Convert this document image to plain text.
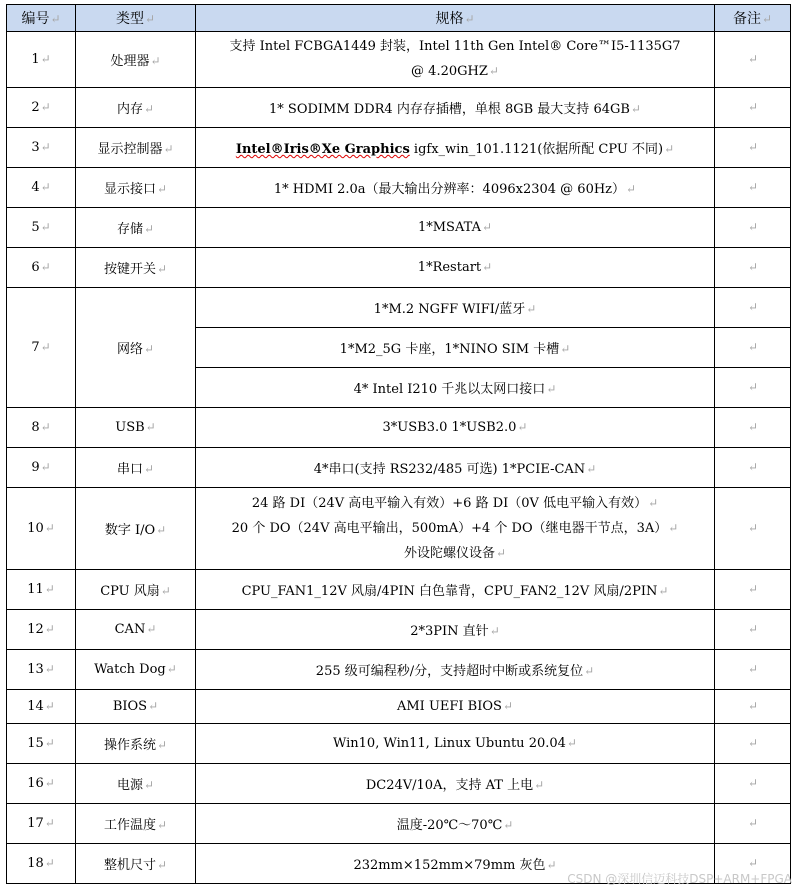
编号↵	类型↵	规格↵	备注↵
1↵	处理器↵	支持 Intel FCBGA1449 封装，Intel 11th Gen Intel® Core™I5-1135G7
@ 4.20GHZ↵	↵
2↵	内存↵	1* SODIMM DDR4 内存存插槽，单根 8GB 最大支持 64GB↵	↵
3↵	显示控制器↵	Intel®Iris®Xe Graphics igfx_win_101.1121(依据所配 CPU 不同)↵	↵
4↵	显示接口↵	1* HDMI 2.0a（最大输出分辨率：4096x2304 @ 60Hz）↵	↵
5↵	存储↵	1*MSATA↵	↵
6↵	按键开关↵	1*Restart↵	↵
7↵	网络↵	1*M.2 NGFF WIFI/蓝牙↵	↵
		1*M2_5G 卡座，1*NINO SIM 卡槽↵	↵
		4* Intel I210 千兆以太网口接口↵	↵
8↵	USB↵	3*USB3.0 1*USB2.0↵	↵
9↵	串口↵	4*串口(支持 RS232/485 可选) 1*PCIE-CAN↵	↵
10↵	数字 I/O↵	24 路 DI（24V 高电平输入有效）+6 路 DI（0V 低电平输入有效）↵
20 个 DO（24V 高电平输出，500mA）+4 个 DO（继电器干节点，3A）↵
外设陀螺仪设备↵	↵
11↵	CPU 风扇↵	CPU_FAN1_12V 风扇/4PIN 白色靠背，CPU_FAN2_12V 风扇/2PIN↵	↵
12↵	CAN↵	2*3PIN 直针↵	↵
13↵	Watch Dog↵	255 级可编程秒/分，支持超时中断或系统复位↵	↵
14↵	BIOS↵	AMI UEFI BIOS↵	↵
15↵	操作系统↵	Win10, Win11, Linux Ubuntu 20.04↵	↵
16↵	电源↵	DC24V/10A，支持 AT 上电↵	↵
17↵	工作温度↵	温度-20℃～70℃↵	↵
18↵	整机尺寸↵	232mm×152mm×79mm 灰色↵	↵
CSDN @深圳信迈科技DSP+ARM+FPGA
